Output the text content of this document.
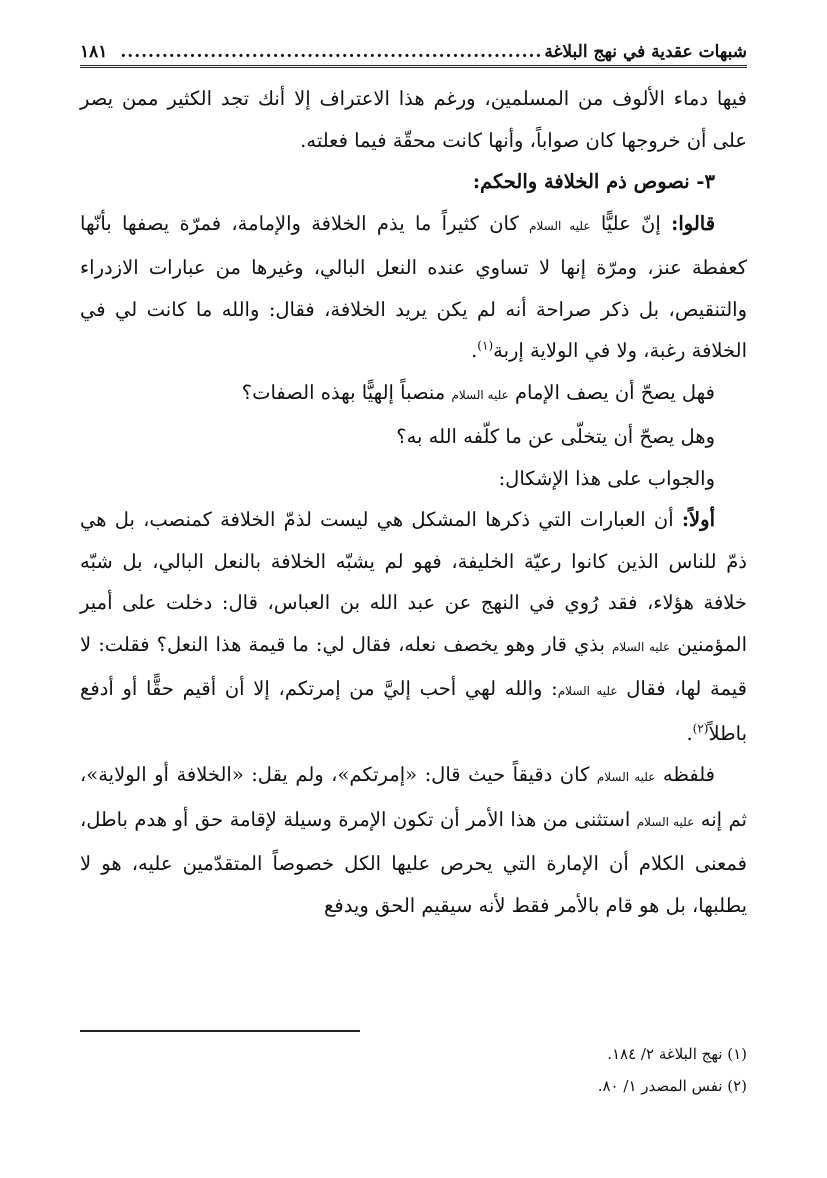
شبهات عقدية في نهج البلاغة
.............................................................
١٨١

فيها دماء الألوف من المسلمين، ورغم هذا الاعتراف إلا أنك تجد الكثير ممن يصر على أن خروجها كان صواباً، وأنها كانت محقّة فيما فعلته.

٣- نصوص ذم الخلافة والحكم:

قالوا: إنّ عليًّا عليه السلام كان كثيراً ما يذم الخلافة والإمامة، فمرّة يصفها بأنّها كعفطة عنز، ومرّة إنها لا تساوي عنده النعل البالي، وغيرها من عبارات الازدراء والتنقيص، بل ذكر صراحة أنه لم يكن يريد الخلافة، فقال: والله ما كانت لي في الخلافة رغبة، ولا في الولاية إربة$^{(١)}$.

فهل يصحّ أن يصف الإمام عليه السلام منصباً إلهيًّا بهذه الصفات؟

وهل يصحّ أن يتخلّى عن ما كلّفه الله به؟

والجواب على هذا الإشكال:

أولاً: أن العبارات التي ذكرها المشكل هي ليست لذمّ الخلافة كمنصب، بل هي ذمّ للناس الذين كانوا رعيّة الخليفة، فهو لم يشبّه الخلافة بالنعل البالي، بل شبّه خلافة هؤلاء، فقد رُوي في النهج عن عبد الله بن العباس، قال: دخلت على أمير المؤمنين عليه السلام بذي قار وهو يخصف نعله، فقال لي: ما قيمة هذا النعل؟ فقلت: لا قيمة لها، فقال عليه السلام: والله لهي أحب إليَّ من إمرتكم، إلا أن أقيم حقًّا أو أدفع باطلاً$^{(٢)}$.

فلفظه عليه السلام كان دقيقاً حيث قال: «إمرتكم»، ولم يقل: «الخلافة أو الولاية»، ثم إنه عليه السلام استثنى من هذا الأمر أن تكون الإمرة وسيلة لإقامة حق أو هدم باطل، فمعنى الكلام أن الإمارة التي يحرص عليها الكل خصوصاً المتقدّمين عليه، هو لا يطلبها، بل هو قام بالأمر فقط لأنه سيقيم الحق ويدفع

(١) نهج البلاغة ٢/ ١٨٤.
(٢) نفس المصدر ١/ ٨٠.
